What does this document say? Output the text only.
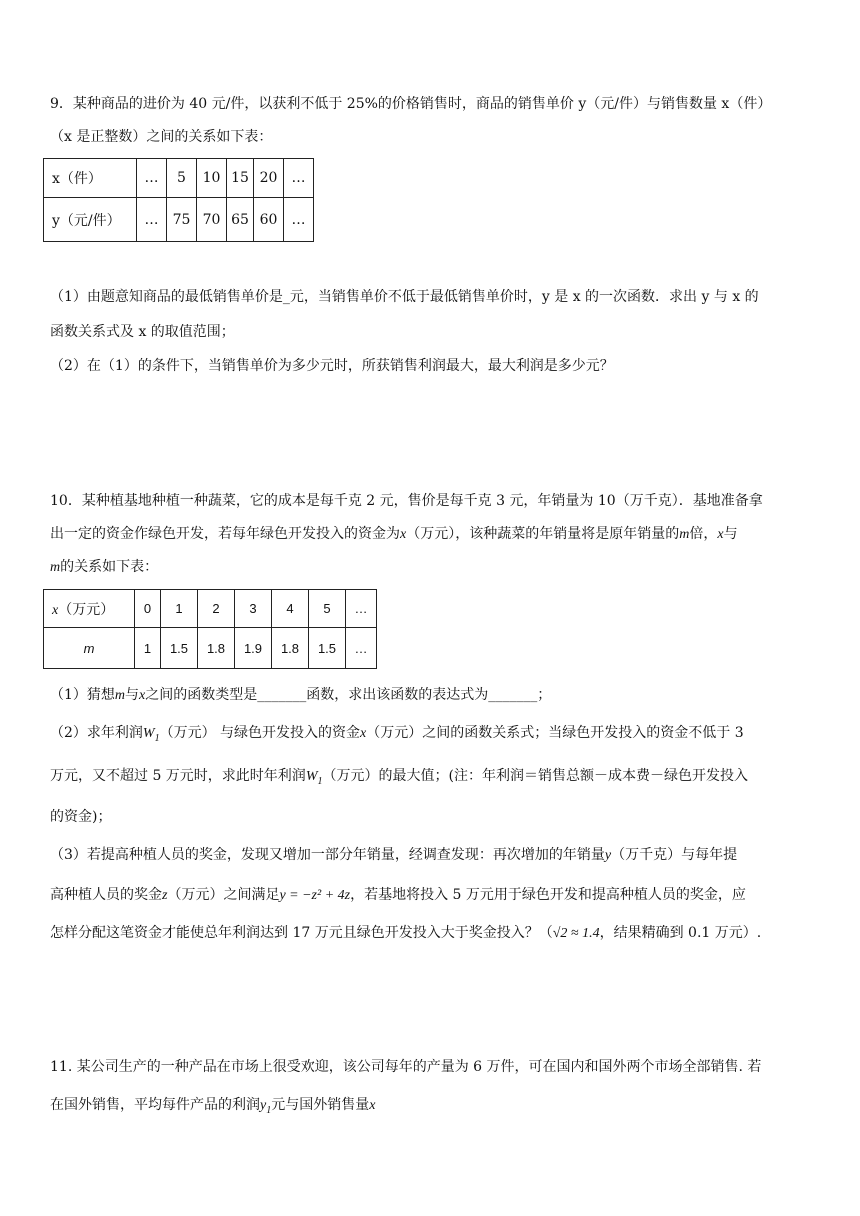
9．某种商品的进价为 40 元/件，以获利不低于 25%的价格销售时，商品的销售单价 y（元/件）与销售数量 x（件）
（x 是正整数）之间的关系如下表：
x（件）	…	5	10	15	20	…
y（元/件）	…	75	70	65	60	…
（1）由题意知商品的最低销售单价是_元，当销售单价不低于最低销售单价时，y 是 x 的一次函数．求出 y 与 x 的
函数关系式及 x 的取值范围；
（2）在（1）的条件下，当销售单价为多少元时，所获销售利润最大，最大利润是多少元？
10．某种植基地种植一种蔬菜，它的成本是每千克 2 元，售价是每千克 3 元，年销量为 10（万千克）．基地准备拿
出一定的资金作绿色开发，若每年绿色开发投入的资金为x（万元），该种蔬菜的年销量将是原年销量的m倍，x与
m的关系如下表：
x（万元）	0	1	2	3	4	5	…
m	1	1.5	1.8	1.9	1.8	1.5	…
（1）猜想m与x之间的函数类型是_______函数，求出该函数的表达式为_______；
（2）求年利润$W_1$（万元） 与绿色开发投入的资金x（万元）之间的函数关系式；当绿色开发投入的资金不低于 3
万元，又不超过 5 万元时，求此时年利润$W_1$（万元）的最大值；(注：年利润＝销售总额－成本费－绿色开发投入
的资金)；
（3）若提高种植人员的奖金，发现又增加一部分年销量，经调查发现：再次增加的年销量y（万千克）与每年提
高种植人员的奖金z（万元）之间满足y = −z² + 4z，若基地将投入 5 万元用于绿色开发和提高种植人员的奖金，应
怎样分配这笔资金才能使总年利润达到 17 万元且绿色开发投入大于奖金投入？（√2 ≈ 1.4，结果精确到 0.1 万元）.
11. 某公司生产的一种产品在市场上很受欢迎，该公司每年的产量为 6 万件，可在国内和国外两个市场全部销售. 若
在国外销售，平均每件产品的利润$y_1$元与国外销售量x
